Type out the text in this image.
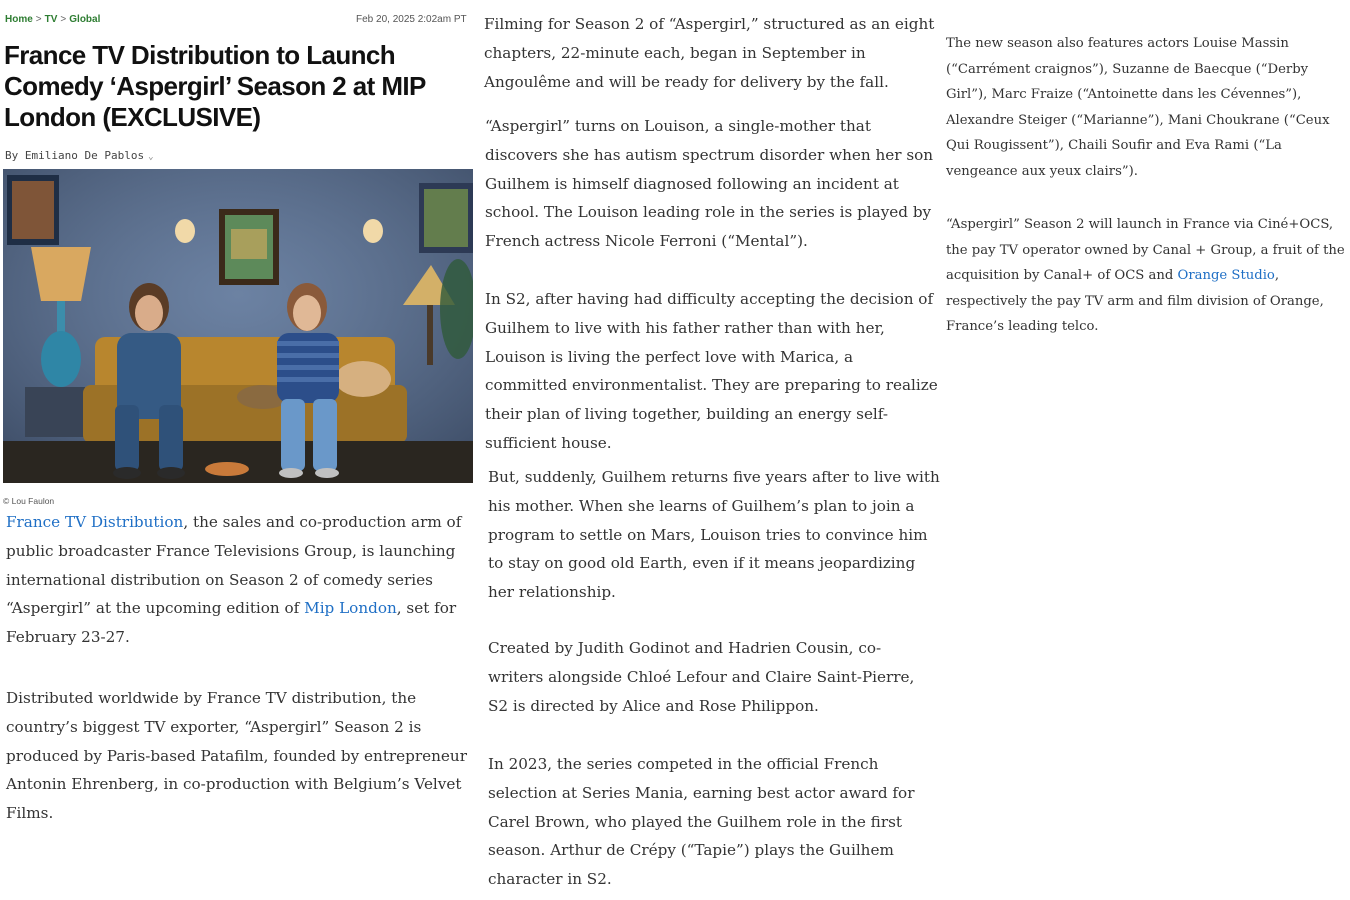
Home > TV > Global	Feb 20, 2025 2:02am PT
France TV Distribution to Launch Comedy ‘Aspergirl’ Season 2 at MIP London (EXCLUSIVE)
By Emiliano De Pablos ⌄
© Lou Faulon

France TV Distribution, the sales and co-production arm of public broadcaster France Televisions Group, is launching international distribution on Season 2 of comedy series “Aspergirl” at the upcoming edition of Mip London, set for February 23-27.

Distributed worldwide by France TV distribution, the country’s biggest TV exporter, “Aspergirl” Season 2 is produced by Paris-based Patafilm, founded by entrepreneur Antonin Ehrenberg, in co-production with Belgium’s Velvet Films.

Filming for Season 2 of “Aspergirl,” structured as an eight chapters, 22-minute each, began in September in Angoulême and will be ready for delivery by the fall.

“Aspergirl” turns on Louison, a single-mother that discovers she has autism spectrum disorder when her son Guilhem is himself diagnosed following an incident at school. The Louison leading role in the series is played by French actress Nicole Ferroni (“Mental”).

In S2, after having had difficulty accepting the decision of Guilhem to live with his father rather than with her, Louison is living the perfect love with Marica, a committed environmentalist. They are preparing to realize their plan of living together, building an energy self-sufficient house.

But, suddenly, Guilhem returns five years after to live with his mother. When she learns of Guilhem’s plan to join a program to settle on Mars, Louison tries to convince him to stay on good old Earth, even if it means jeopardizing her relationship.

Created by Judith Godinot and Hadrien Cousin, co-writers alongside Chloé Lefour and Claire Saint-Pierre, S2 is directed by Alice and Rose Philippon.

In 2023, the series competed in the official French selection at Series Mania, earning best actor award for Carel Brown, who played the Guilhem role in the first season. Arthur de Crépy (“Tapie”) plays the Guilhem character in S2.

The new season also features actors Louise Massin (“Carrément craignos”), Suzanne de Baecque (“Derby Girl”), Marc Fraize (“Antoinette dans les Cévennes”), Alexandre Steiger (“Marianne”), Mani Choukrane (“Ceux Qui Rougissent”), Chaili Soufir and Eva Rami (“La vengeance aux yeux clairs”).

“Aspergirl” Season 2 will launch in France via Ciné+OCS, the pay TV operator owned by Canal + Group, a fruit of the acquisition by Canal+ of OCS and Orange Studio, respectively the pay TV arm and film division of Orange, France’s leading telco.
